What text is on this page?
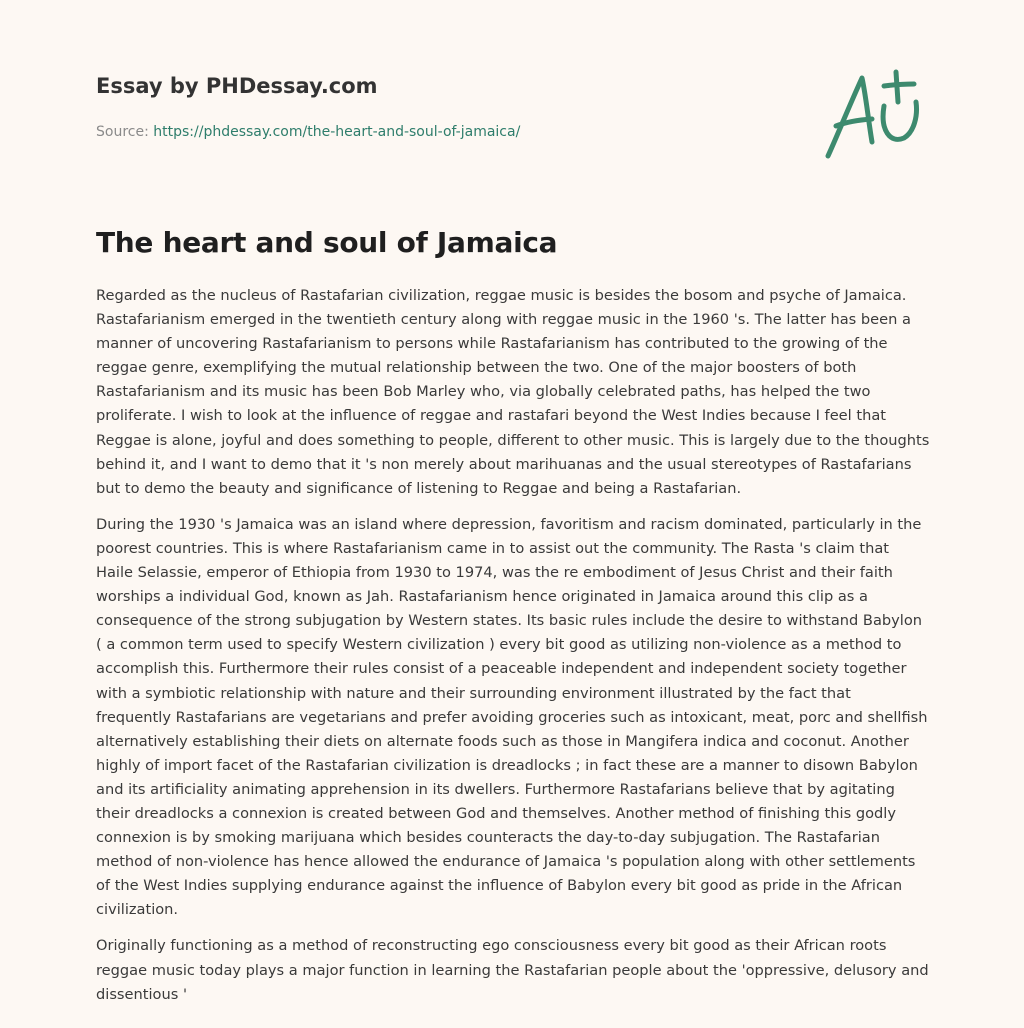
Essay by PHDessay.com
Source: https://phdessay.com/the-heart-and-soul-of-jamaica/
The heart and soul of Jamaica

Regarded as the nucleus of Rastafarian civilization, reggae music is besides the bosom and psyche of Jamaica. Rastafarianism emerged in the twentieth century along with reggae music in the 1960 's. The latter has been a manner of uncovering Rastafarianism to persons while Rastafarianism has contributed to the growing of the reggae genre, exemplifying the mutual relationship between the two. One of the major boosters of both Rastafarianism and its music has been Bob Marley who, via globally celebrated paths, has helped the two proliferate. I wish to look at the influence of reggae and rastafari beyond the West Indies because I feel that Reggae is alone, joyful and does something to people, different to other music. This is largely due to the thoughts behind it, and I want to demo that it 's non merely about marihuanas and the usual stereotypes of Rastafarians but to demo the beauty and significance of listening to Reggae and being a Rastafarian.

During the 1930 's Jamaica was an island where depression, favoritism and racism dominated, particularly in the poorest countries. This is where Rastafarianism came in to assist out the community. The Rasta 's claim that Haile Selassie, emperor of Ethiopia from 1930 to 1974, was the re embodiment of Jesus Christ and their faith worships a individual God, known as Jah. Rastafarianism hence originated in Jamaica around this clip as a consequence of the strong subjugation by Western states. Its basic rules include the desire to withstand Babylon ( a common term used to specify Western civilization ) every bit good as utilizing non-violence as a method to accomplish this. Furthermore their rules consist of a peaceable independent and independent society together with a symbiotic relationship with nature and their surrounding environment illustrated by the fact that frequently Rastafarians are vegetarians and prefer avoiding groceries such as intoxicant, meat, porc and shellfish alternatively establishing their diets on alternate foods such as those in Mangifera indica and coconut. Another highly of import facet of the Rastafarian civilization is dreadlocks ; in fact these are a manner to disown Babylon and its artificiality animating apprehension in its dwellers. Furthermore Rastafarians believe that by agitating their dreadlocks a connexion is created between God and themselves. Another method of finishing this godly connexion is by smoking marijuana which besides counteracts the day-to-day subjugation. The Rastafarian method of non-violence has hence allowed the endurance of Jamaica 's population along with other settlements of the West Indies supplying endurance against the influence of Babylon every bit good as pride in the African civilization.

Originally functioning as a method of reconstructing ego consciousness every bit good as their African roots reggae music today plays a major function in learning the Rastafarian people about the 'oppressive, delusory and dissentious '
